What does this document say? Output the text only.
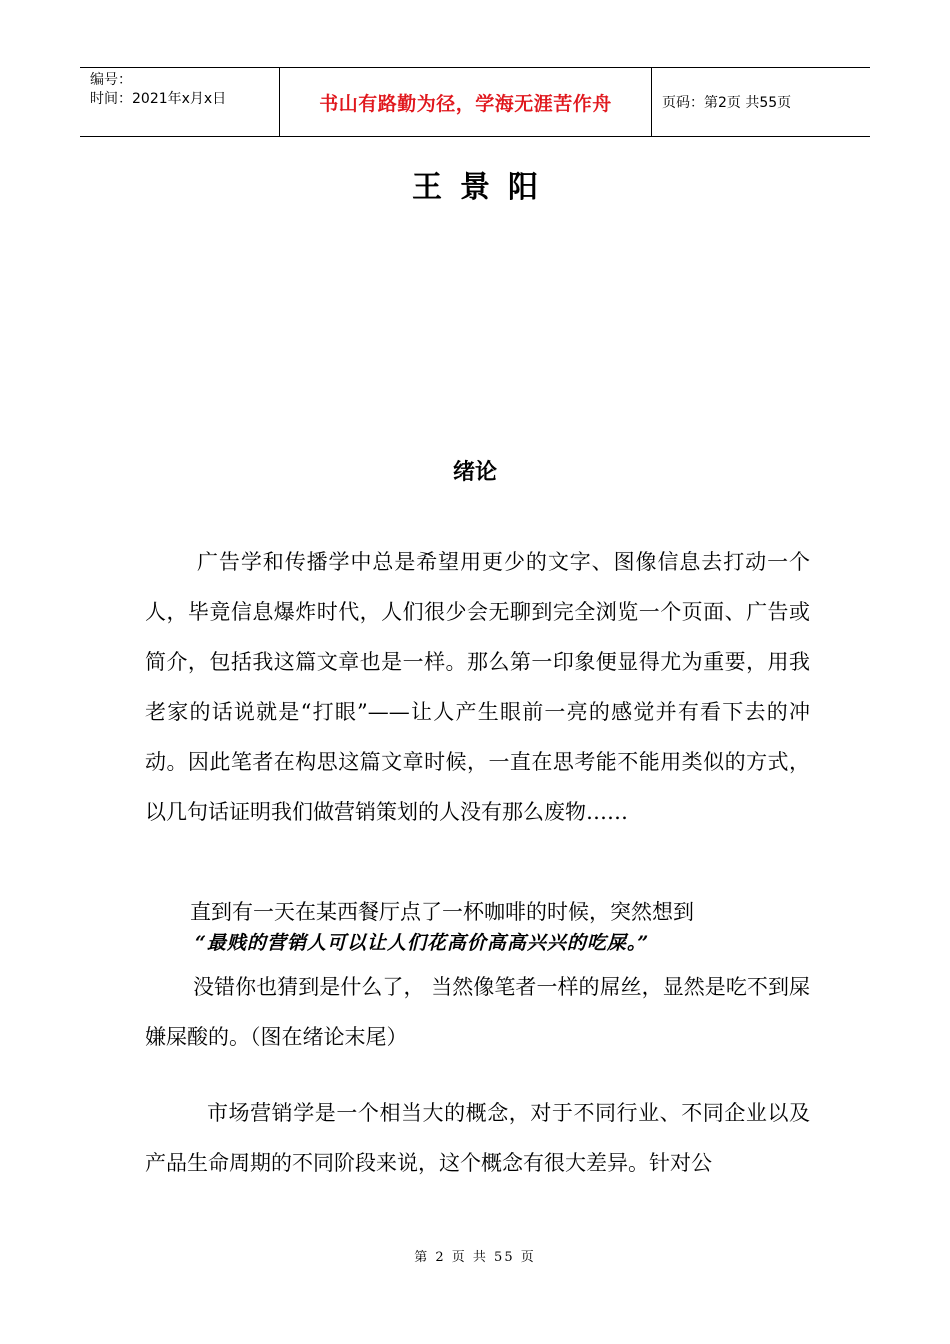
编号：
时间：2021年x月x日	书山有路勤为径，学海无涯苦作舟	页码：第2页 共55页
王景阳
绪论
广告学和传播学中总是希望用更少的文字、图像信息去打动一个人，毕竟信息爆炸时代，人们很少会无聊到完全浏览一个页面、广告或简介，包括我这篇文章也是一样。那么第一印象便显得尤为重要，用我老家的话说就是“打眼”——让人产生眼前一亮的感觉并有看下去的冲动。因此笔者在构思这篇文章时候，一直在思考能不能用类似的方式，以几句话证明我们做营销策划的人没有那么废物……
直到有一天在某西餐厅点了一杯咖啡的时候，突然想到
“最贱的营销人可以让人们花高价高高兴兴的吃屎。”
没错你也猜到是什么了， 当然像笔者一样的屌丝，显然是吃不到屎嫌屎酸的。（图在绪论末尾）
市场营销学是一个相当大的概念，对于不同行业、不同企业以及产品生命周期的不同阶段来说，这个概念有很大差异。针对公
第 2 页 共 55 页
